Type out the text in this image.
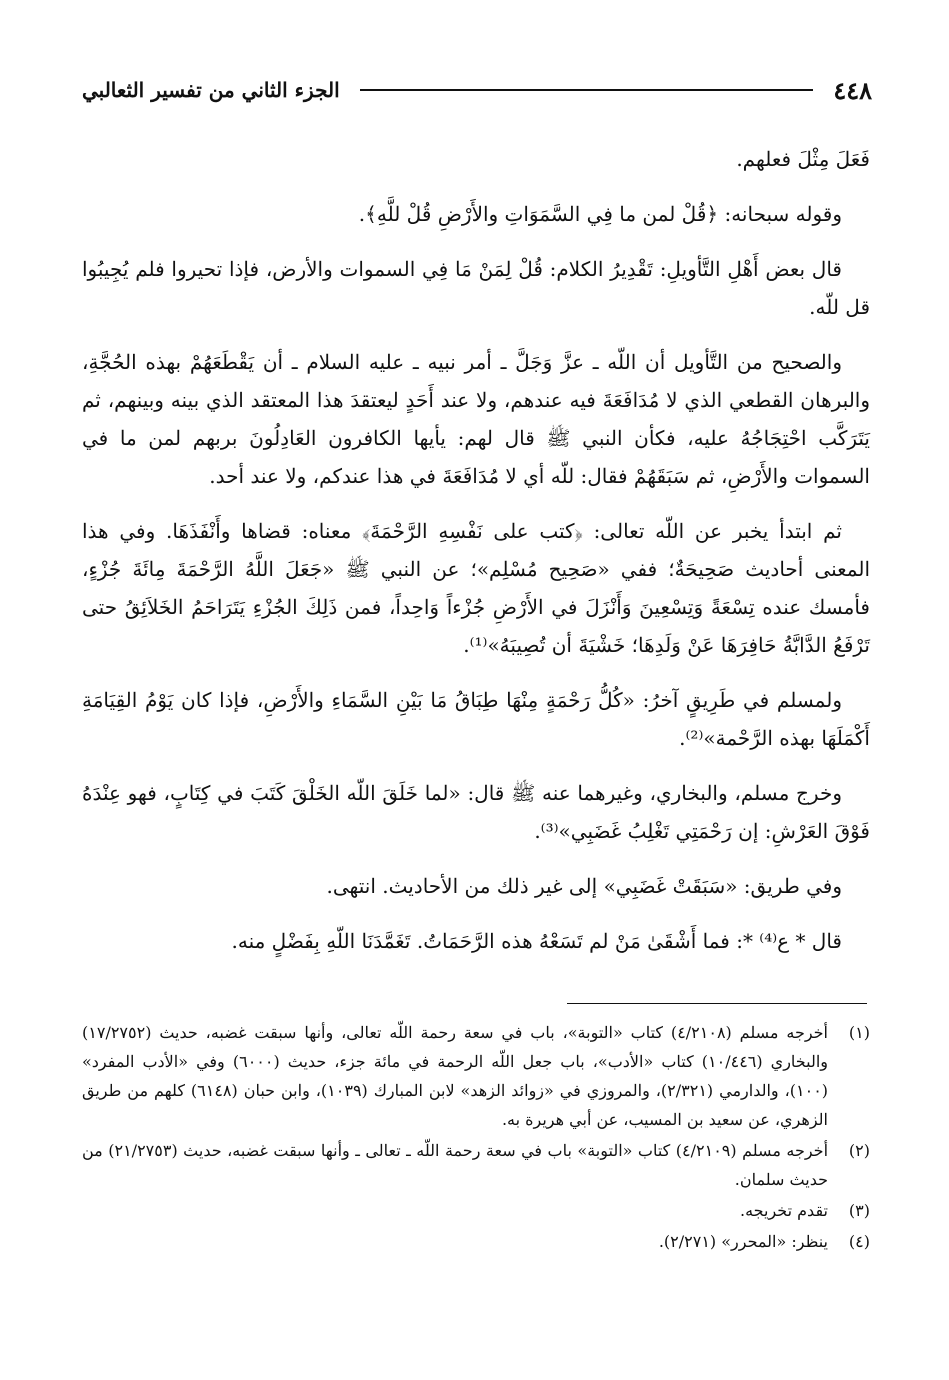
٤٤٨
الجزء الثاني من تفسير الثعالبي

فَعَلَ مِثْلَ فعلهم.

وقوله سبحانه: ﴿قُلْ لمن ما فِي السَّمَوَاتِ والأَرْضِ قُلْ للَّهِ﴾.

قال بعض أَهْلِ التَّأويلِ: تَقْدِيرُ الكلام: قُلْ لِمَنْ مَا فِي السموات والأرض، فإذا تحيروا فلم يُجِيبُوا قل للّه.

والصحيح من التَّأويل أن اللّه ـ عزَّ وَجَلَّ ـ أمر نبيه ـ عليه السلام ـ أن يَقْطَعَهُمْ بهذه الحُجَّةِ، والبرهان القطعي الذي لا مُدَافَعَةَ فيه عندهم، ولا عند أَحَدٍ ليعتقدَ هذا المعتقد الذي بينه وبينهم، ثم يَتَرَكَّب احْتِجَاجُهُ عليه، فكأن النبي ﷺ قال لهم: يأيها الكافرون العَادِلُونَ بربهم لمن ما في السموات والأَرْضِ، ثم سَبَقَهُمْ فقال: للّه أي لا مُدَافَعَةَ في هذا عندكم، ولا عند أحد.

ثم ابتدأ يخبر عن اللّه تعالى: ﴿كتب على نَفْسِهِ الرَّحْمَةَ﴾ معناه: قضاها وأَنْفَذَهَا. وفي هذا المعنى أحاديث صَحِيحَةٌ؛ ففي «صَحِيح مُسْلِم»؛ عن النبي ﷺ «جَعَلَ اللَّهُ الرَّحْمَةَ مِائَةَ جُزْءٍ، فأمسك عنده تِسْعَةً وَتِسْعِينَ وَأَنْزَلَ في الأَرْضِ جُزْءاً وَاحِداً، فمن ذَلِكَ الجُزْءِ يَتَرَاحَمُ الخَلاَئِقُ حتى تَرْفَعُ الدَّابَّةُ حَافِرَهَا عَنْ وَلَدِهَا؛ خَشْيَةَ أن تُصِيبَهُ»⁽¹⁾.

ولمسلم في طَرِيقٍ آخرُ: «كُلُّ رَحْمَةٍ مِنْهَا طِبَاقُ مَا بَيْنِ السَّمَاءِ والأَرْضِ، فإذا كان يَوْمُ القِيَامَةِ أَكْمَلَهَا بهذه الرَّحْمة»⁽²⁾.

وخرج مسلم، والبخاري، وغيرهما عنه ﷺ قال: «لما خَلَقَ اللّه الخَلْقَ كَتَبَ في كِتَابٍ، فهو عِنْدَهُ فَوْقَ العَرْشِ: إن رَحْمَتِي تَغْلِبُ غَضَبِي»⁽³⁾.

وفي طريق: «سَبَقَتْ غَضَبِي» إلى غير ذلك من الأحاديث. انتهى.

قال * ع⁽⁴⁾ *: فما أَشْقَىٰ مَنْ لم تَسَعْهُ هذه الرَّحَمَاتُ. تَغَمَّدَنَا اللّهِ بِفَضْلٍ منه.

(١)
أخرجه مسلم (٤/٢١٠٨) كتاب «التوبة»، باب في سعة رحمة اللّه تعالى، وأنها سبقت غضبه، حديث (١٧/٢٧٥٢) والبخاري (١٠/٤٤٦) كتاب «الأدب»، باب جعل اللّه الرحمة في مائة جزء، حديث (٦٠٠٠) وفي «الأدب المفرد» (١٠٠)، والدارمي (٢/٣٢١)، والمروزي في «زوائد الزهد» لابن المبارك (١٠٣٩)، وابن حبان (٦١٤٨) كلهم من طريق الزهري، عن سعيد بن المسيب، عن أبي هريرة به.
(٢)
أخرجه مسلم (٤/٢١٠٩) كتاب «التوبة» باب في سعة رحمة اللّه ـ تعالى ـ وأنها سبقت غضبه، حديث (٢١/٢٧٥٣) من حديث سلمان.
(٣)
تقدم تخريجه.
(٤)
ينظر: «المحرر» (٢/٢٧١).
